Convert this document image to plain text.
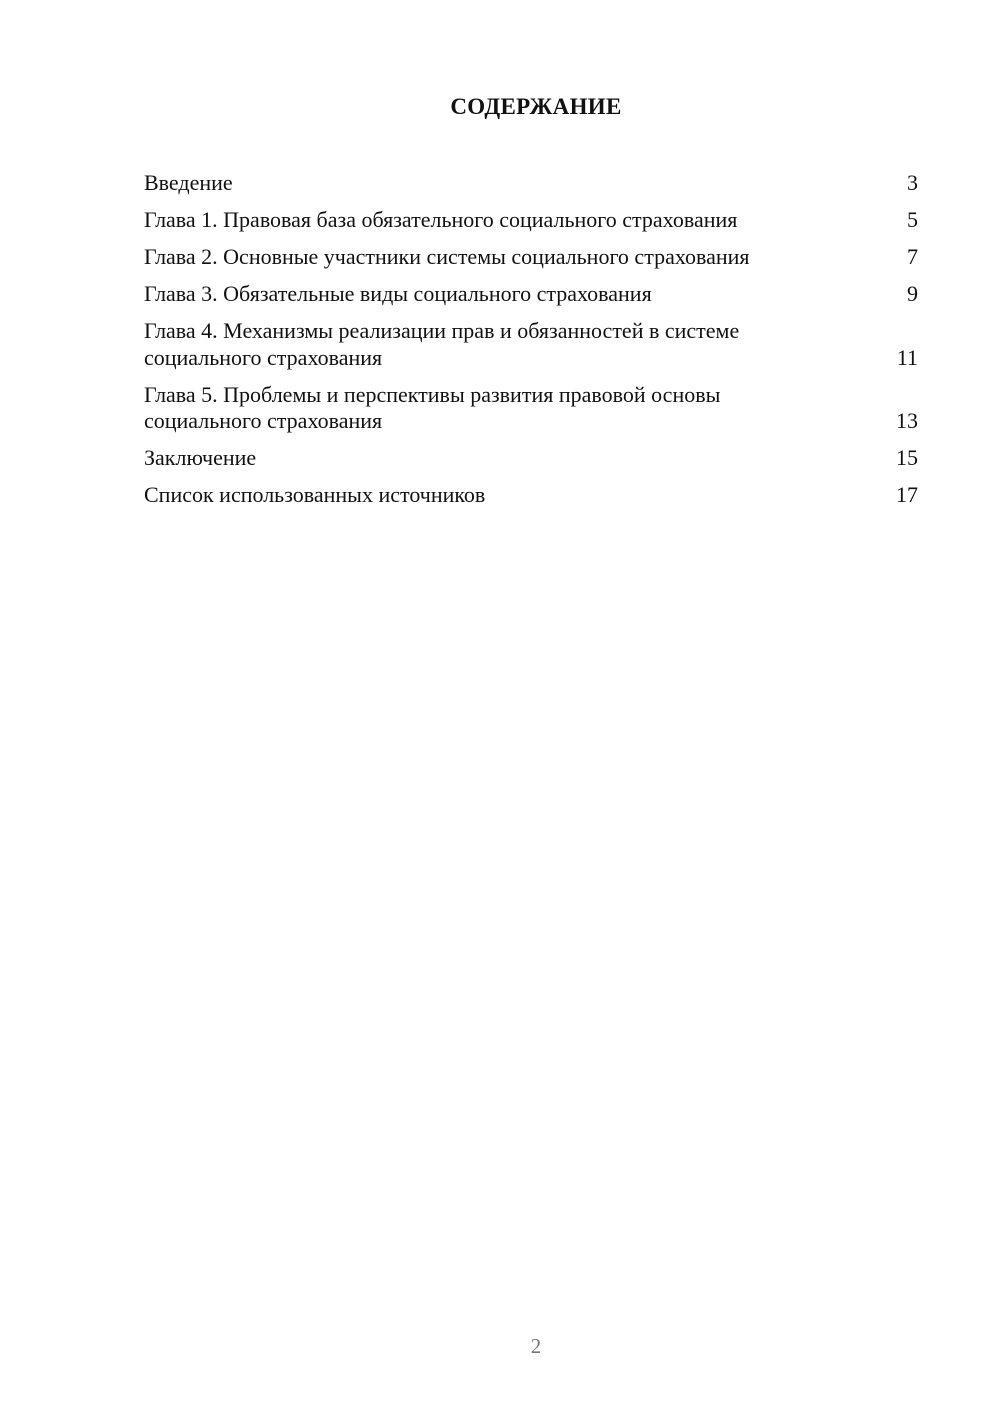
СОДЕРЖАНИЕ
Введение	3
Глава 1. Правовая база обязательного социального страхования	5
Глава 2. Основные участники системы социального страхования	7
Глава 3. Обязательные виды социального страхования	9
Глава 4. Механизмы реализации прав и обязанностей в системе социального страхования	11
Глава 5. Проблемы и перспективы развития правовой основы социального страхования	13
Заключение	15
Список использованных источников	17
2
